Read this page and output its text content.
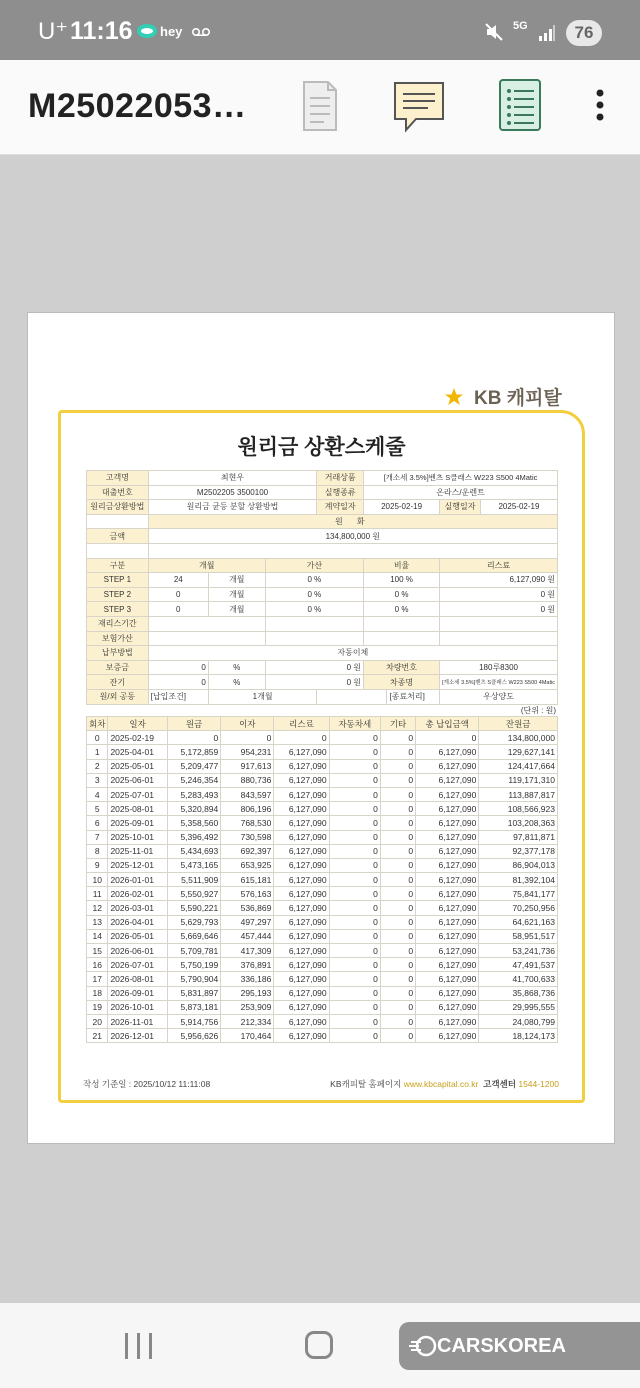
U⁺ 11:16 hey	5G	76
M25022053…
KB 캐피탈
원리금 상환스케줄
고객명	최현우			거래상품	[개소세 3.5%]벤츠 S클래스 W223 S500 4Matic			
대출번호	M2502205 3500100			실행종류	온라스/운렌트			
원리금상환방법	원리금 균등 분할 상환방법			계약일자	2025-02-19		실행일자	2025-02-19
	원 화							
금액	134,800,000 원							

구분	개월		가산		비율		리스료	
STEP 1	24	개월	0 %		100 %		6,127,090 원	
STEP 2	0	개월	0 %		0 %		0 원	
STEP 3	0	개월	0 %		0 %		0 원	
재리스기간								
보험가산								
납부방법	자동이체							
보증금	0	%	0 원		차량번호		180루8300	
잔기	0	%	0 원		차종명		[개소세 3.5%]벤츠 S클래스 W223 S500 4Matic	
원/외 공동	[납입조건]	1개월				[종료처리]	우상양도	
(단위 : 원)
회차	일자	원금	이자	리스료	자동차세	기타	총 납입금액	잔원금
0	2025-02-19	0	0	0	0	0	0	134,800,000
1	2025-04-01	5,172,859	954,231	6,127,090	0	0	6,127,090	129,627,141
2	2025-05-01	5,209,477	917,613	6,127,090	0	0	6,127,090	124,417,664
3	2025-06-01	5,246,354	880,736	6,127,090	0	0	6,127,090	119,171,310
4	2025-07-01	5,283,493	843,597	6,127,090	0	0	6,127,090	113,887,817
5	2025-08-01	5,320,894	806,196	6,127,090	0	0	6,127,090	108,566,923
6	2025-09-01	5,358,560	768,530	6,127,090	0	0	6,127,090	103,208,363
7	2025-10-01	5,396,492	730,598	6,127,090	0	0	6,127,090	97,811,871
8	2025-11-01	5,434,693	692,397	6,127,090	0	0	6,127,090	92,377,178
9	2025-12-01	5,473,165	653,925	6,127,090	0	0	6,127,090	86,904,013
10	2026-01-01	5,511,909	615,181	6,127,090	0	0	6,127,090	81,392,104
11	2026-02-01	5,550,927	576,163	6,127,090	0	0	6,127,090	75,841,177
12	2026-03-01	5,590,221	536,869	6,127,090	0	0	6,127,090	70,250,956
13	2026-04-01	5,629,793	497,297	6,127,090	0	0	6,127,090	64,621,163
14	2026-05-01	5,669,646	457,444	6,127,090	0	0	6,127,090	58,951,517
15	2026-06-01	5,709,781	417,309	6,127,090	0	0	6,127,090	53,241,736
16	2026-07-01	5,750,199	376,891	6,127,090	0	0	6,127,090	47,491,537
17	2026-08-01	5,790,904	336,186	6,127,090	0	0	6,127,090	41,700,633
18	2026-09-01	5,831,897	295,193	6,127,090	0	0	6,127,090	35,868,736
19	2026-10-01	5,873,181	253,909	6,127,090	0	0	6,127,090	29,995,555
20	2026-11-01	5,914,756	212,334	6,127,090	0	0	6,127,090	24,080,799
21	2026-12-01	5,956,626	170,464	6,127,090	0	0	6,127,090	18,124,173
작성 기준일 : 2025/10/12 11:11:08	KB캐피탈 홈페이지 www.kbcapital.co.kr 고객센터 1544-1200
CARSKOREA
